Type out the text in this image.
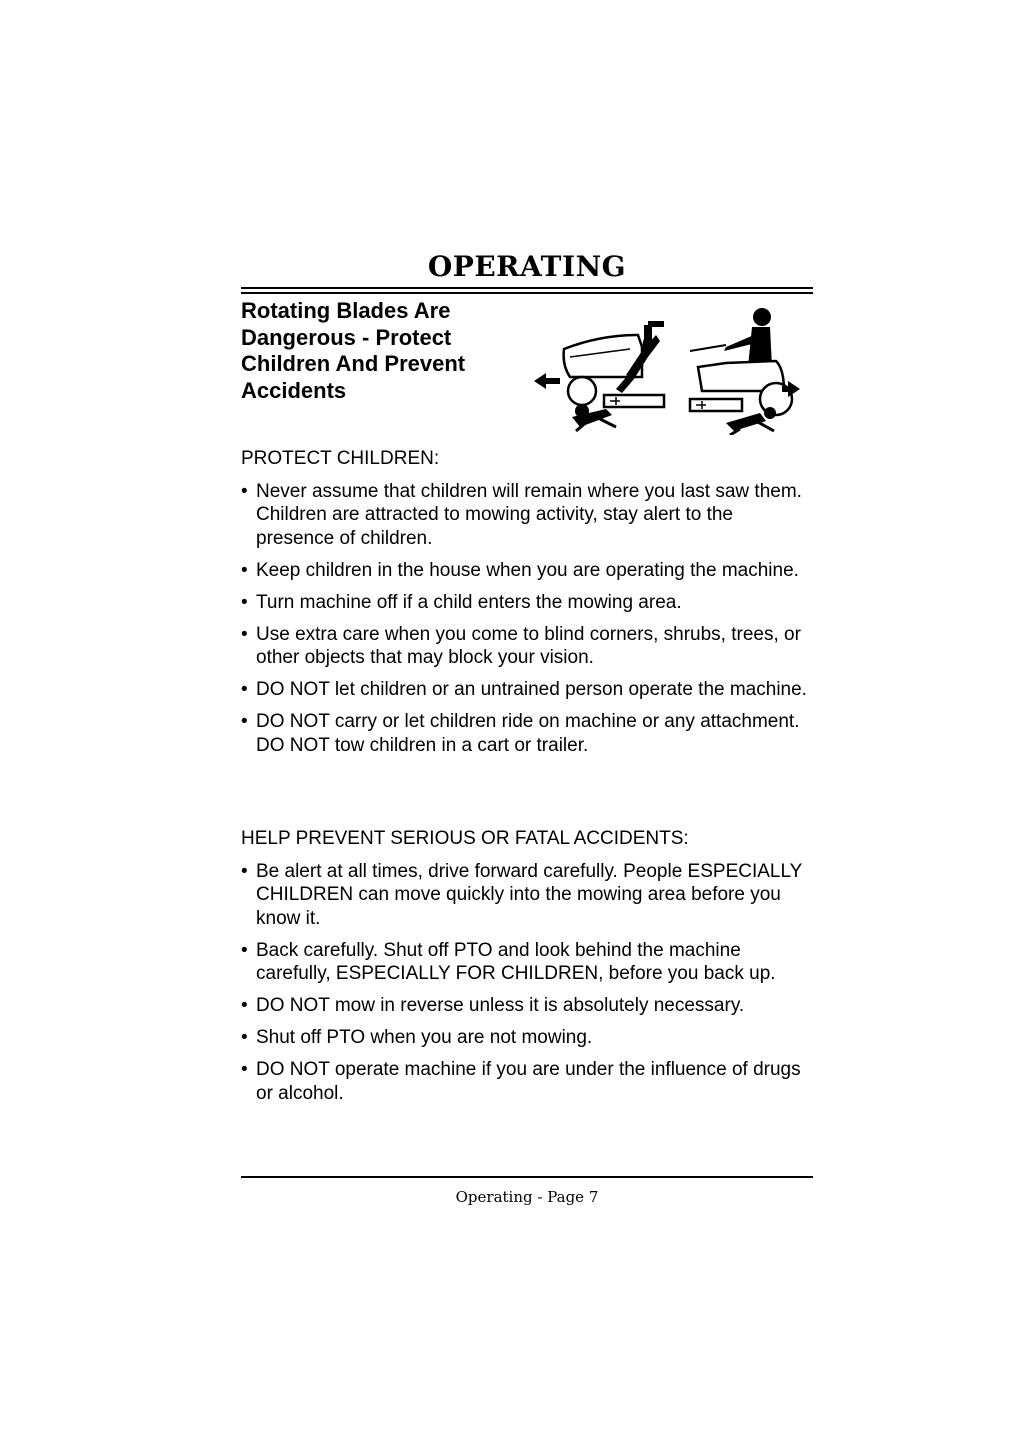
OPERATING
Rotating Blades Are Dangerous - Protect Children And Prevent Accidents
PROTECT CHILDREN:
• Never assume that children will remain where you last saw them. Children are attracted to mowing activity, stay alert to the presence of children.
• Keep children in the house when you are operating the machine.
• Turn machine off if a child enters the mowing area.
• Use extra care when you come to blind corners, shrubs, trees, or other objects that may block your vision.
• DO NOT let children or an untrained person operate the machine.
• DO NOT carry or let children ride on machine or any attachment. DO NOT tow children in a cart or trailer.
HELP PREVENT SERIOUS OR FATAL ACCIDENTS:
• Be alert at all times, drive forward carefully. People ESPECIALLY CHILDREN can move quickly into the mowing area before you know it.
• Back carefully. Shut off PTO and look behind the machine carefully, ESPECIALLY FOR CHILDREN, before you back up.
• DO NOT mow in reverse unless it is absolutely necessary.
• Shut off PTO when you are not mowing.
• DO NOT operate machine if you are under the influence of drugs or alcohol.
Operating - Page 7
